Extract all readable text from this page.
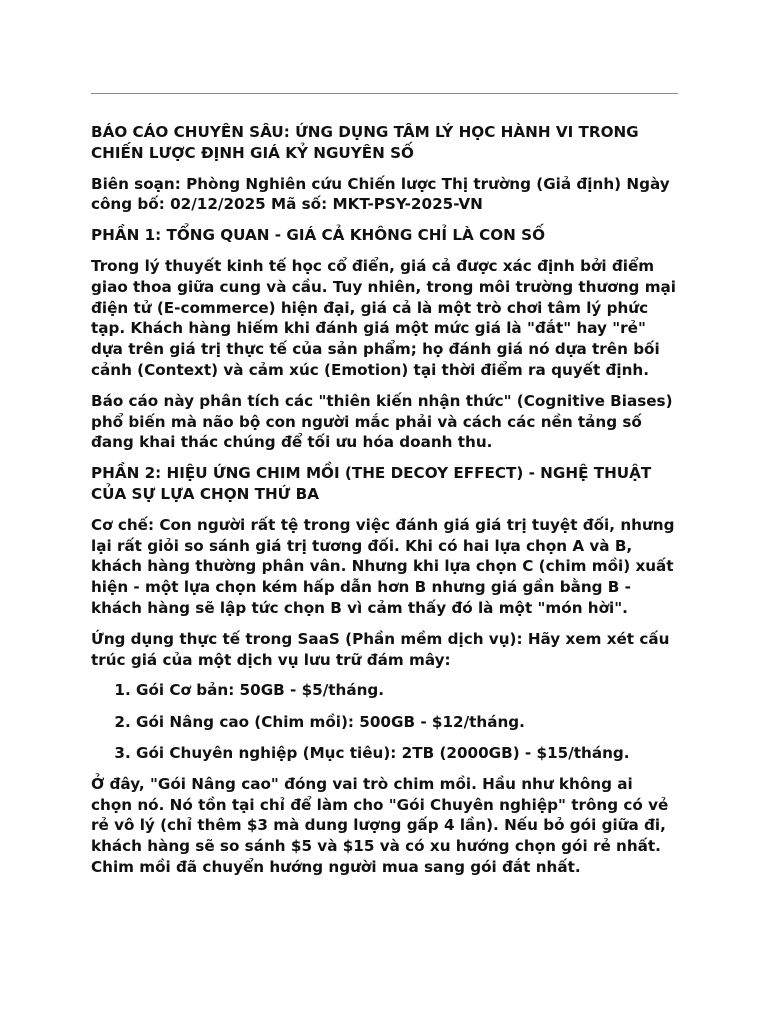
BÁO CÁO CHUYÊN SÂU: ỨNG DỤNG TÂM LÝ HỌC HÀNH VI TRONG CHIẾN LƯỢC ĐỊNH GIÁ KỶ NGUYÊN SỐ

Biên soạn: Phòng Nghiên cứu Chiến lược Thị trường (Giả định) Ngày công bố: 02/12/2025 Mã số: MKT-PSY-2025-VN

PHẦN 1: TỔNG QUAN - GIÁ CẢ KHÔNG CHỈ LÀ CON SỐ

Trong lý thuyết kinh tế học cổ điển, giá cả được xác định bởi điểm giao thoa giữa cung và cầu. Tuy nhiên, trong môi trường thương mại điện tử (E-commerce) hiện đại, giá cả là một trò chơi tâm lý phức tạp. Khách hàng hiếm khi đánh giá một mức giá là "đắt" hay "rẻ" dựa trên giá trị thực tế của sản phẩm; họ đánh giá nó dựa trên bối cảnh (Context) và cảm xúc (Emotion) tại thời điểm ra quyết định.

Báo cáo này phân tích các "thiên kiến nhận thức" (Cognitive Biases) phổ biến mà não bộ con người mắc phải và cách các nền tảng số đang khai thác chúng để tối ưu hóa doanh thu.

PHẦN 2: HIỆU ỨNG CHIM MỒI (THE DECOY EFFECT) - NGHỆ THUẬT CỦA SỰ LỰA CHỌN THỨ BA

Cơ chế: Con người rất tệ trong việc đánh giá giá trị tuyệt đối, nhưng lại rất giỏi so sánh giá trị tương đối. Khi có hai lựa chọn A và B, khách hàng thường phân vân. Nhưng khi lựa chọn C (chim mồi) xuất hiện - một lựa chọn kém hấp dẫn hơn B nhưng giá gần bằng B - khách hàng sẽ lập tức chọn B vì cảm thấy đó là một "món hời".

Ứng dụng thực tế trong SaaS (Phần mềm dịch vụ): Hãy xem xét cấu trúc giá của một dịch vụ lưu trữ đám mây:

1. Gói Cơ bản: 50GB - $5/tháng.
2. Gói Nâng cao (Chim mồi): 500GB - $12/tháng.
3. Gói Chuyên nghiệp (Mục tiêu): 2TB (2000GB) - $15/tháng.

Ở đây, "Gói Nâng cao" đóng vai trò chim mồi. Hầu như không ai chọn nó. Nó tồn tại chỉ để làm cho "Gói Chuyên nghiệp" trông có vẻ rẻ vô lý (chỉ thêm $3 mà dung lượng gấp 4 lần). Nếu bỏ gói giữa đi, khách hàng sẽ so sánh $5 và $15 và có xu hướng chọn gói rẻ nhất. Chim mồi đã chuyển hướng người mua sang gói đắt nhất.
